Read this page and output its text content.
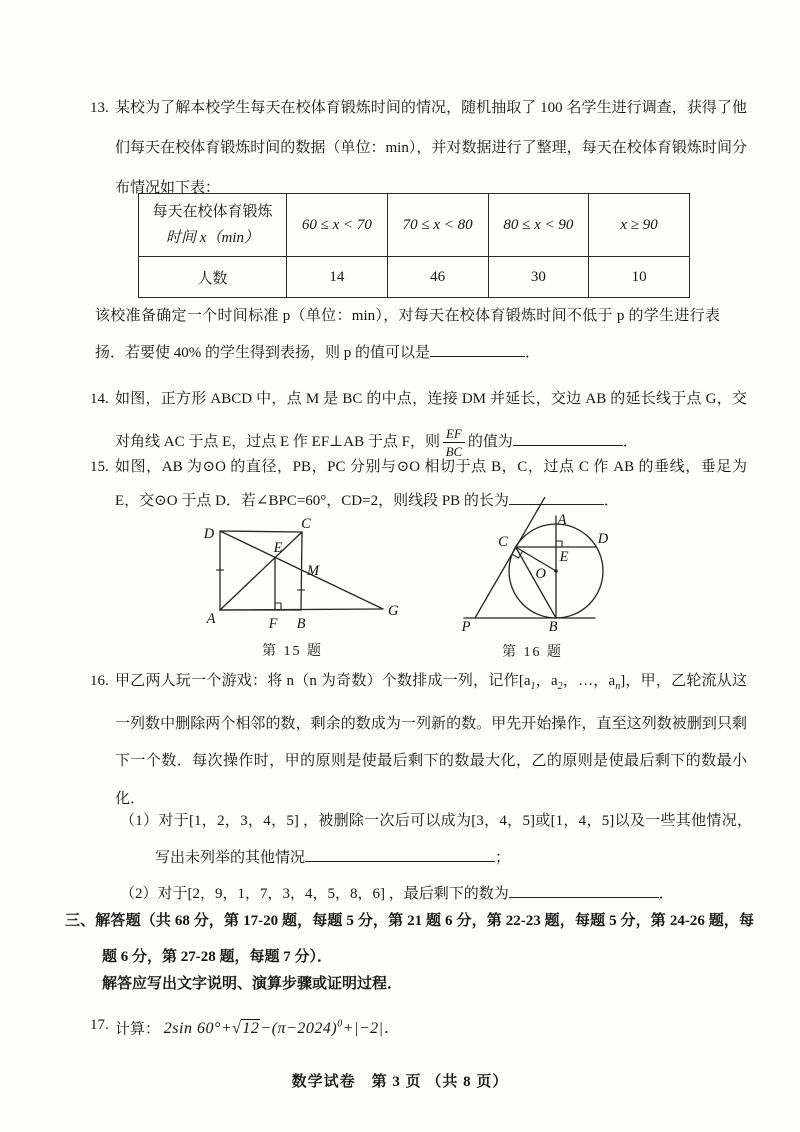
13. 某校为了解本校学生每天在校体育锻炼时间的情况，随机抽取了 100 名学生进行调查，获得了他们每天在校体育锻炼时间的数据（单位：min），并对数据进行了整理，每天在校体育锻炼时间分布情况如下表：
每天在校体育锻炼
时间 x（min）	60 ≤ x < 70	70 ≤ x < 80	80 ≤ x < 90	x ≥ 90
人数	14	46	30	10
该校准备确定一个时间标准 p（单位：min），对每天在校体育锻炼时间不低于 p 的学生进行表扬．若要使 40% 的学生得到表扬，则 p 的值可以是	．
14. 如图，正方形 ABCD 中，点 M 是 BC 的中点，连接 DM 并延长，交边 AB 的延长线于点 G，交对角线 AC 于点 E，过点 E 作 EF⊥AB 于点 F，则 $\frac{EF}{BC}$ 的值为	．
15. 如图，AB 为⊙O 的直径，PB，PC 分别与⊙O 相切于点 B，C，过点 C 作 AB 的垂线，垂足为 E，交⊙O 于点 D．若∠BPC=60°，CD=2，则线段 PB 的长为	．
D
C
E
M
A	F B
G
第 15 题
A
C	D
E
O
B
P
第 16 题
16. 甲乙两人玩一个游戏：将 n（n 为奇数）个数排成一列，记作[$a_1$，$a_2$，…，$a_n$]，甲，乙轮流从这一列数中删除两个相邻的数，剩余的数成为一列新的数。甲先开始操作，直至这列数被删到只剩下一个数．每次操作时，甲的原则是使最后剩下的数最大化，乙的原则是使最后剩下的数最小化．
（1）对于[1，2，3，4，5] ，被删除一次后可以成为[3，4，5]或[1，4，5]以及一些其他情况，写出未列举的其他情况	；
（2）对于[2，9，1，7，3，4，5，8，6] ，最后剩下的数为	．
三、解答题（共 68 分，第 17-20 题，每题 5 分，第 21 题 6 分，第 22-23 题，每题 5 分，第 24-26 题，每题 6 分，第 27-28 题，每题 7 分）．
解答应写出文字说明、演算步骤或证明过程．
17. 计算： 2sin $60^\circ+√12-(\pi-2024)^0+|-2|$．
数学试卷　第 3 页 （共 8 页）
